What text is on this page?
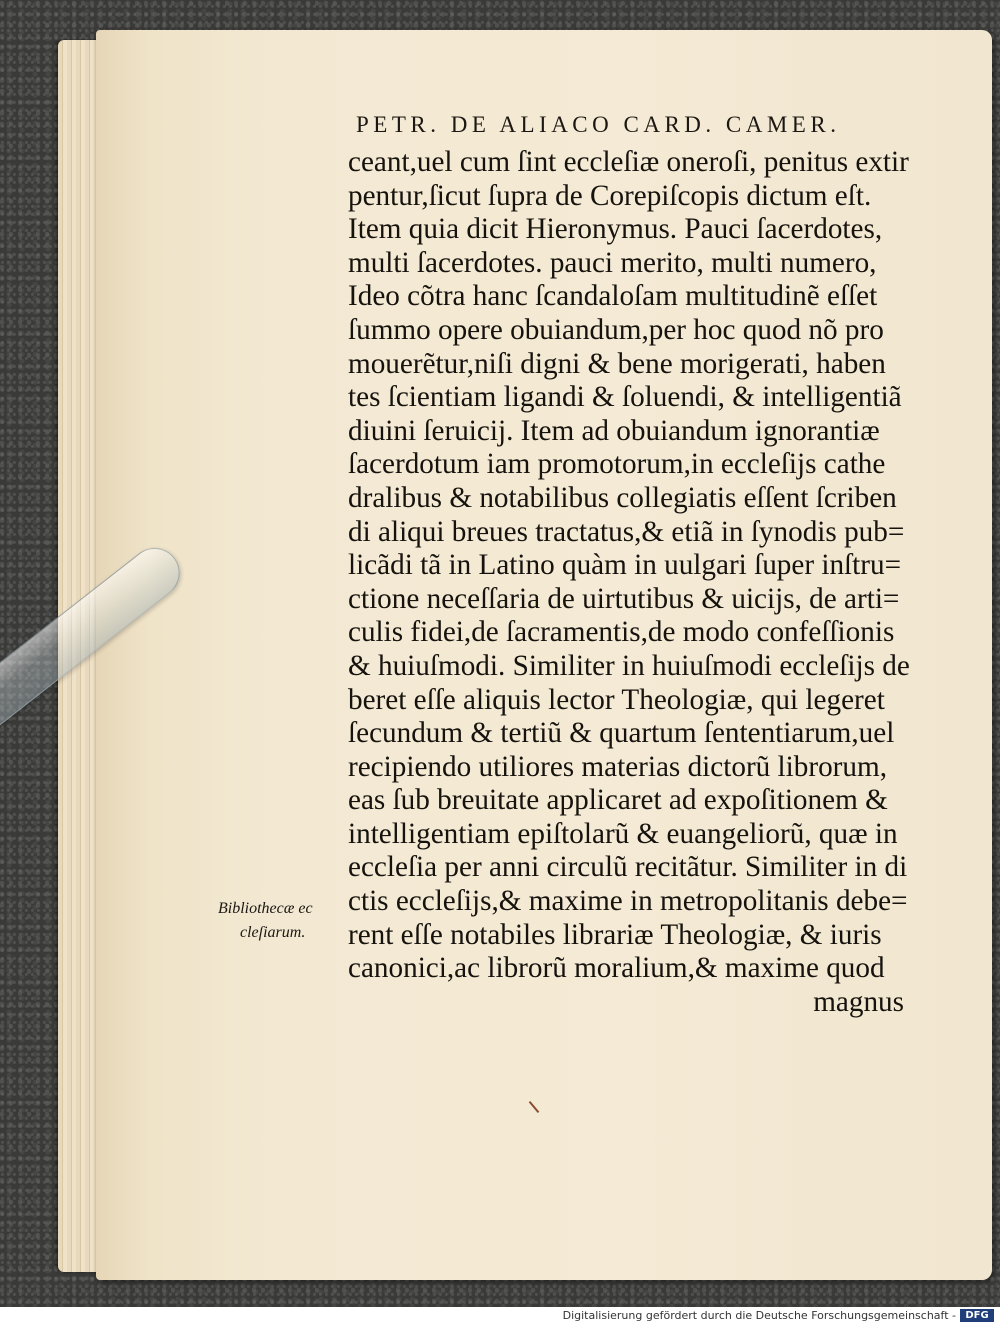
PETR. DE ALIACO CARD. CAMER.
ceant,uel cum ſint eccleſiæ oneroſi, penitus extir
pentur,ſicut ſupra de Corepiſcopis dictum eſt.
Item quia dicit Hieronymus. Pauci ſacerdotes,
multi ſacerdotes. pauci merito, multi numero,
Ideo cõtra hanc ſcandaloſam multitudinẽ eſſet
ſummo opere obuiandum,per hoc quod nõ pro
mouerẽtur,niſi digni & bene morigerati, haben
tes ſcientiam ligandi & ſoluendi, & intelligentiã
diuini ſeruicij. Item ad obuiandum ignorantiæ
ſacerdotum iam promotorum,in eccleſijs cathe
dralibus & notabilibus collegiatis eſſent ſcriben
di aliqui breues tractatus,& etiã in ſynodis pub=
licãdi tã in Latino quàm in uulgari ſuper inſtru=
ctione neceſſaria de uirtutibus & uicijs, de arti=
culis fidei,de ſacramentis,de modo confeſſionis
& huiuſmodi. Similiter in huiuſmodi eccleſijs de
beret eſſe aliquis lector Theologiæ, qui legeret
ſecundum & tertiũ & quartum ſententiarum,uel
recipiendo utiliores materias dictorũ librorum,
eas ſub breuitate applicaret ad expoſitionem &
intelligentiam epiſtolarũ & euangeliorũ, quæ in
eccleſia per anni circulũ recitãtur. Similiter in di
ctis eccleſijs,& maxime in metropolitanis debe=
rent eſſe notabiles librariæ Theologiæ, & iuris
canonici,ac librorũ moralium,& maxime quod
magnus
Bibliothecæ ec
cleſiarum.
Digitalisierung gefördert durch die Deutsche Forschungsgemeinschaft - DFG
